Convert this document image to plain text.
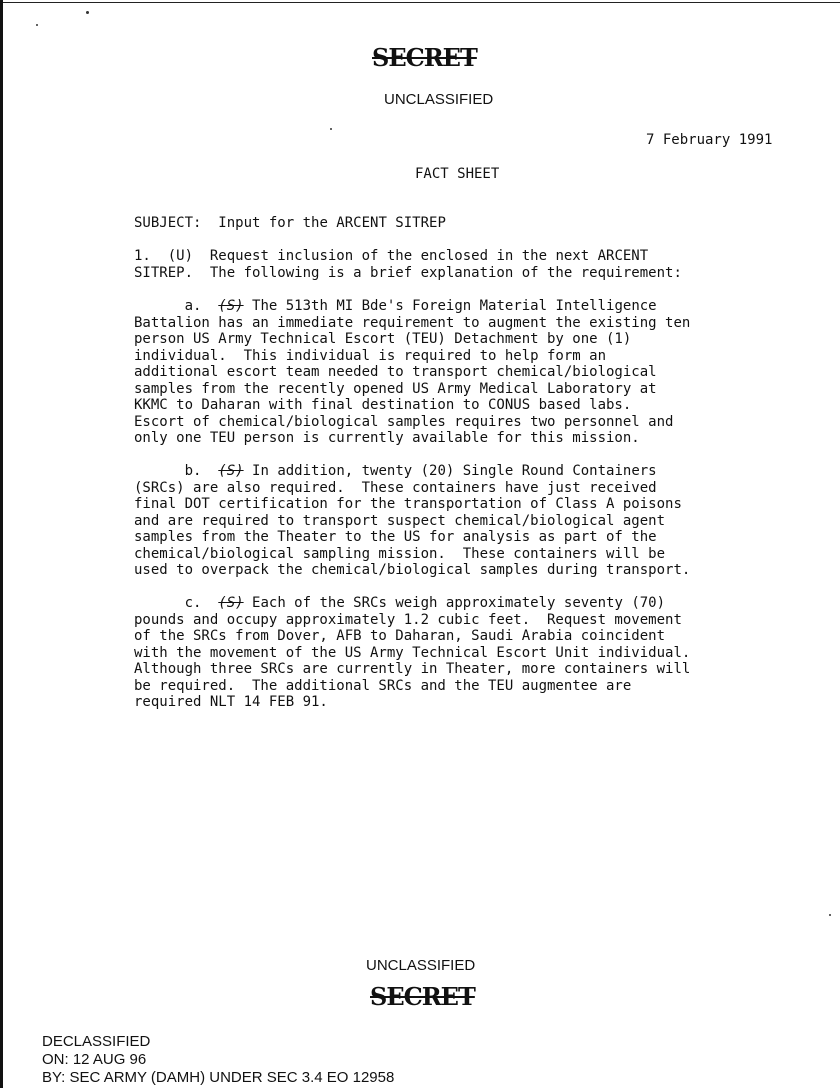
SECRET
UNCLASSIFIED
7 February 1991
FACT SHEET
SUBJECT: Input for the ARCENT SITREP
1. (U) Request inclusion of the enclosed in the next ARCENT
SITREP.  The following is a brief explanation of the requirement:
a. (S) The 513th MI Bde's Foreign Material Intelligence
Battalion has an immediate requirement to augment the existing ten
person US Army Technical Escort (TEU) Detachment by one (1)
individual.  This individual is required to help form an
additional escort team needed to transport chemical/biological
samples from the recently opened US Army Medical Laboratory at
KKMC to Daharan with final destination to CONUS based labs.
Escort of chemical/biological samples requires two personnel and
only one TEU person is currently available for this mission.
b. (S) In addition, twenty (20) Single Round Containers
(SRCs) are also required.  These containers have just received
final DOT certification for the transportation of Class A poisons
and are required to transport suspect chemical/biological agent
samples from the Theater to the US for analysis as part of the
chemical/biological sampling mission.  These containers will be
used to overpack the chemical/biological samples during transport.
c. (S) Each of the SRCs weigh approximately seventy (70)
pounds and occupy approximately 1.2 cubic feet.  Request movement
of the SRCs from Dover, AFB to Daharan, Saudi Arabia coincident
with the movement of the US Army Technical Escort Unit individual.
Although three SRCs are currently in Theater, more containers will
be required.  The additional SRCs and the TEU augmentee are
required NLT 14 FEB 91.
UNCLASSIFIED
SECRET
DECLASSIFIED
ON: 12 AUG 96
BY: SEC ARMY (DAMH) UNDER SEC 3.4 EO 12958
